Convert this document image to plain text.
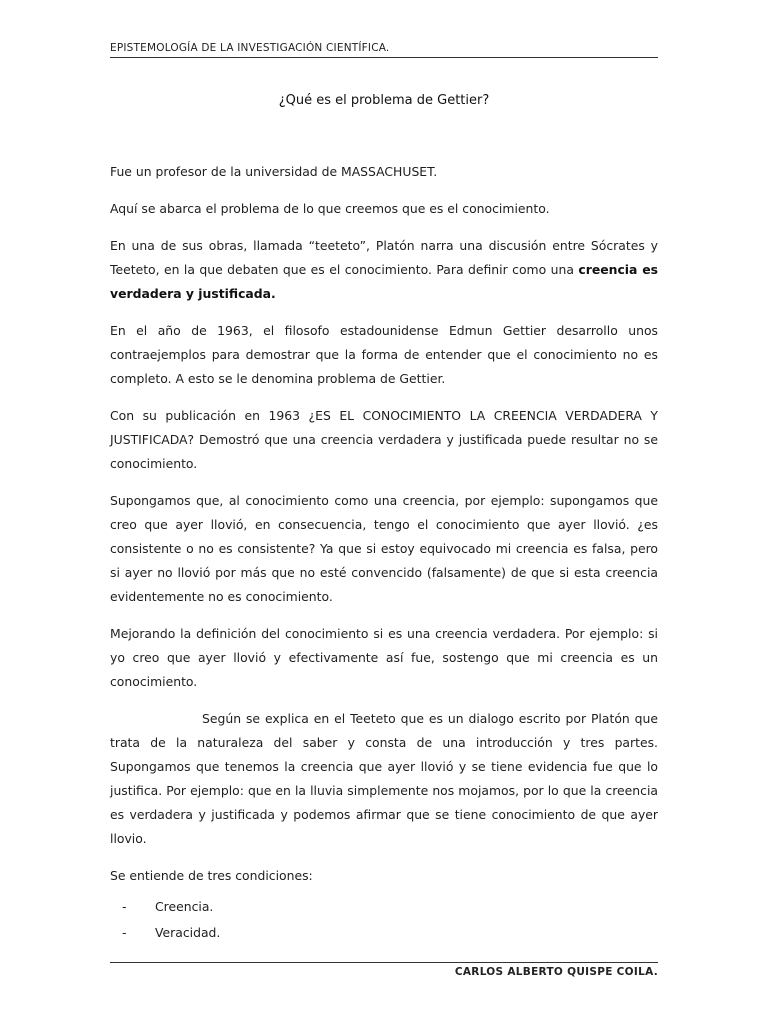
EPISTEMOLOGÍA DE LA INVESTIGACIÓN CIENTÍFICA.
¿Qué es el problema de Gettier?

Fue un profesor de la universidad de MASSACHUSET.

Aquí se abarca el problema de lo que creemos que es el conocimiento.

En una de sus obras, llamada “teeteto”, Platón narra una discusión entre Sócrates y Teeteto, en la que debaten que es el conocimiento. Para definir como una creencia es verdadera y justificada.

En el año de 1963, el filosofo estadounidense Edmun Gettier desarrollo unos contraejemplos para demostrar que la forma de entender que el conocimiento no es completo. A esto se le denomina problema de Gettier.

Con su publicación en 1963 ¿ES EL CONOCIMIENTO LA CREENCIA VERDADERA Y JUSTIFICADA? Demostró que una creencia verdadera y justificada puede resultar no se conocimiento.

Supongamos que, al conocimiento como una creencia, por ejemplo: supongamos que creo que ayer llovió, en consecuencia, tengo el conocimiento que ayer llovió. ¿es consistente o no es consistente? Ya que si estoy equivocado mi creencia es falsa, pero si ayer no llovió por más que no esté convencido (falsamente) de que si esta creencia evidentemente no es conocimiento.

Mejorando la definición del conocimiento si es una creencia verdadera. Por ejemplo: si yo creo que ayer llovió y efectivamente así fue, sostengo que mi creencia es un conocimiento.

Según se explica en el Teeteto que es un dialogo escrito por Platón que trata de la naturaleza del saber y consta de una introducción y tres partes. Supongamos que tenemos la creencia que ayer llovió y se tiene evidencia fue que lo justifica. Por ejemplo: que en la lluvia simplemente nos mojamos, por lo que la creencia es verdadera y justificada y podemos afirmar que se tiene conocimiento de que ayer llovio.

Se entiende de tres condiciones:

-	Creencia.
-	Veracidad.
CARLOS ALBERTO QUISPE COILA.
